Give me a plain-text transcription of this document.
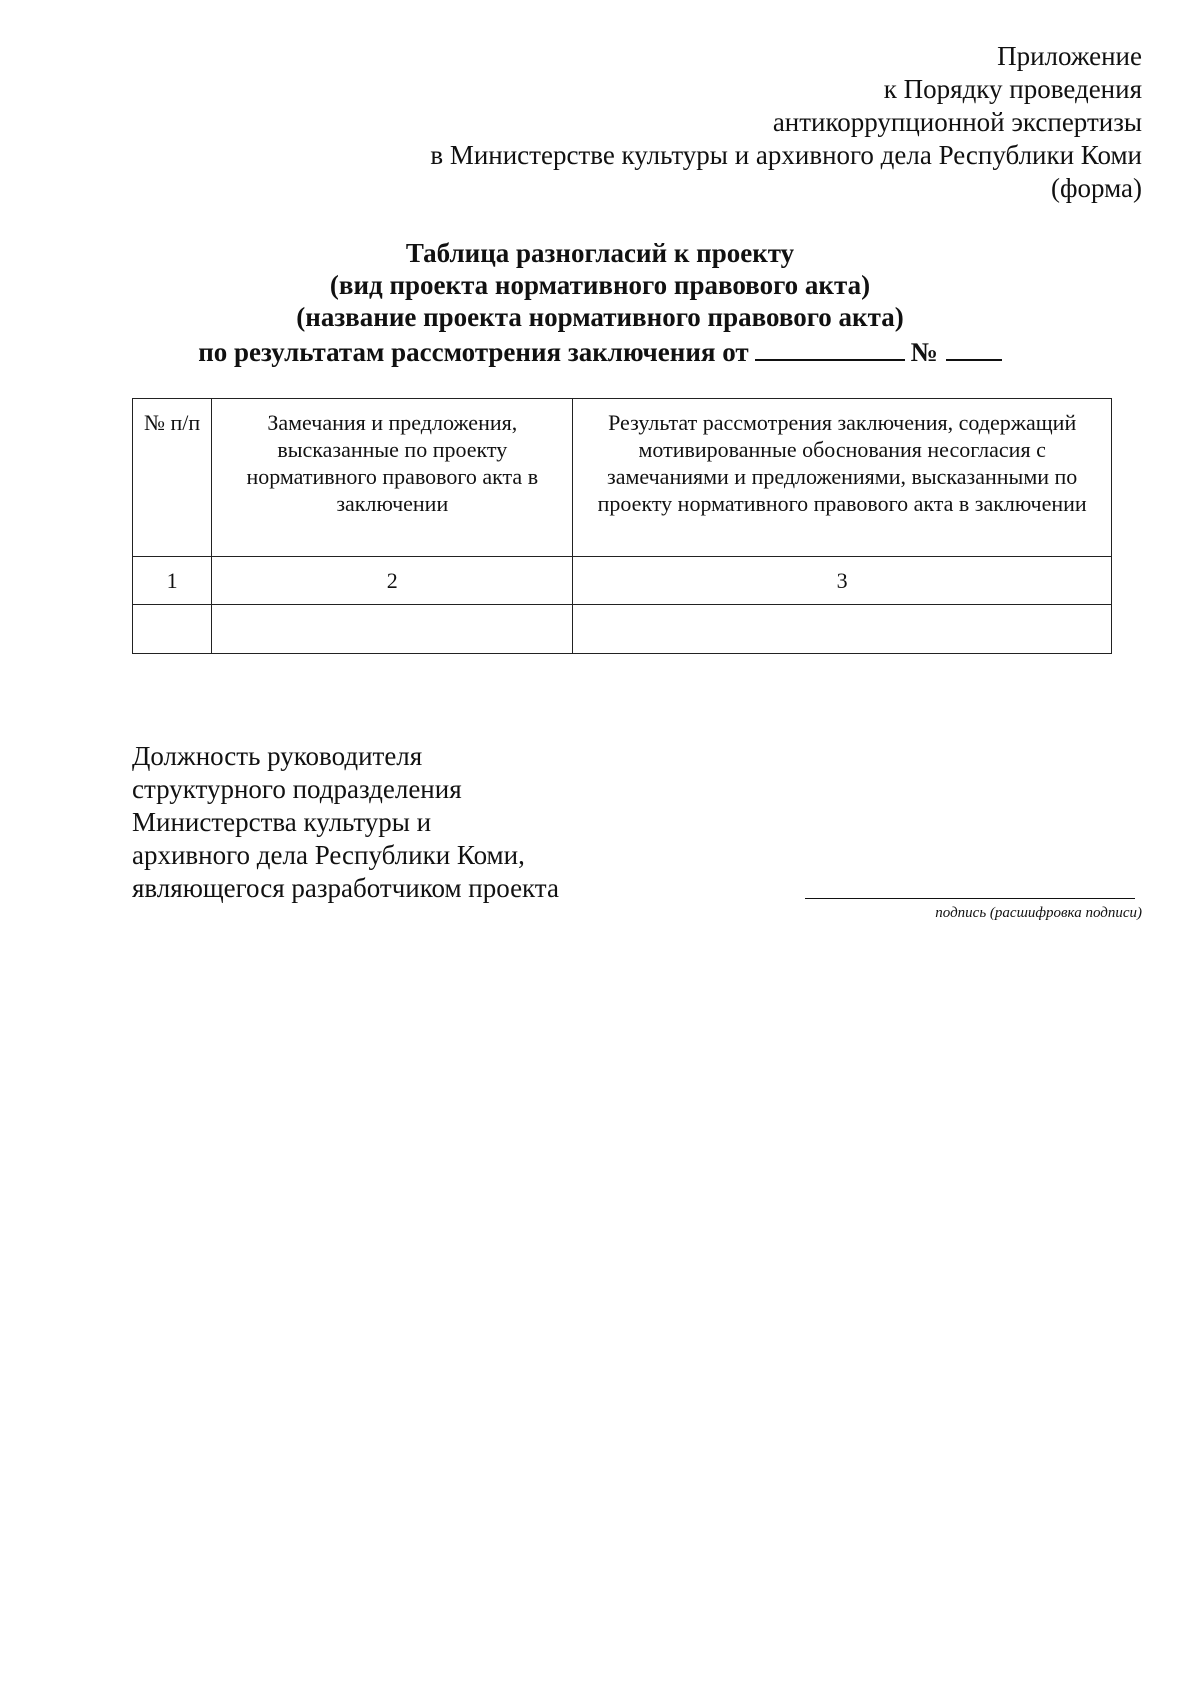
Приложение
к Порядку проведения
антикоррупционной экспертизы
в Министерстве культуры и архивного дела Республики Коми
(форма)
Таблица разногласий к проекту
(вид проекта нормативного правового акта)
(название проекта нормативного правового акта)
по результатам рассмотрения заключения от	№
№ п/п	Замечания и предложения, высказанные по проекту нормативного правового акта в заключении	Результат рассмотрения заключения, содержащий мотивированные обоснования несогласия с замечаниями и предложениями, высказанными по проекту нормативного правового акта в заключении

1	2	3

Должность руководителя
структурного подразделения
Министерства культуры и
архивного дела Республики Коми,
являющегося разработчиком проекта
подпись (расшифровка подписи)
